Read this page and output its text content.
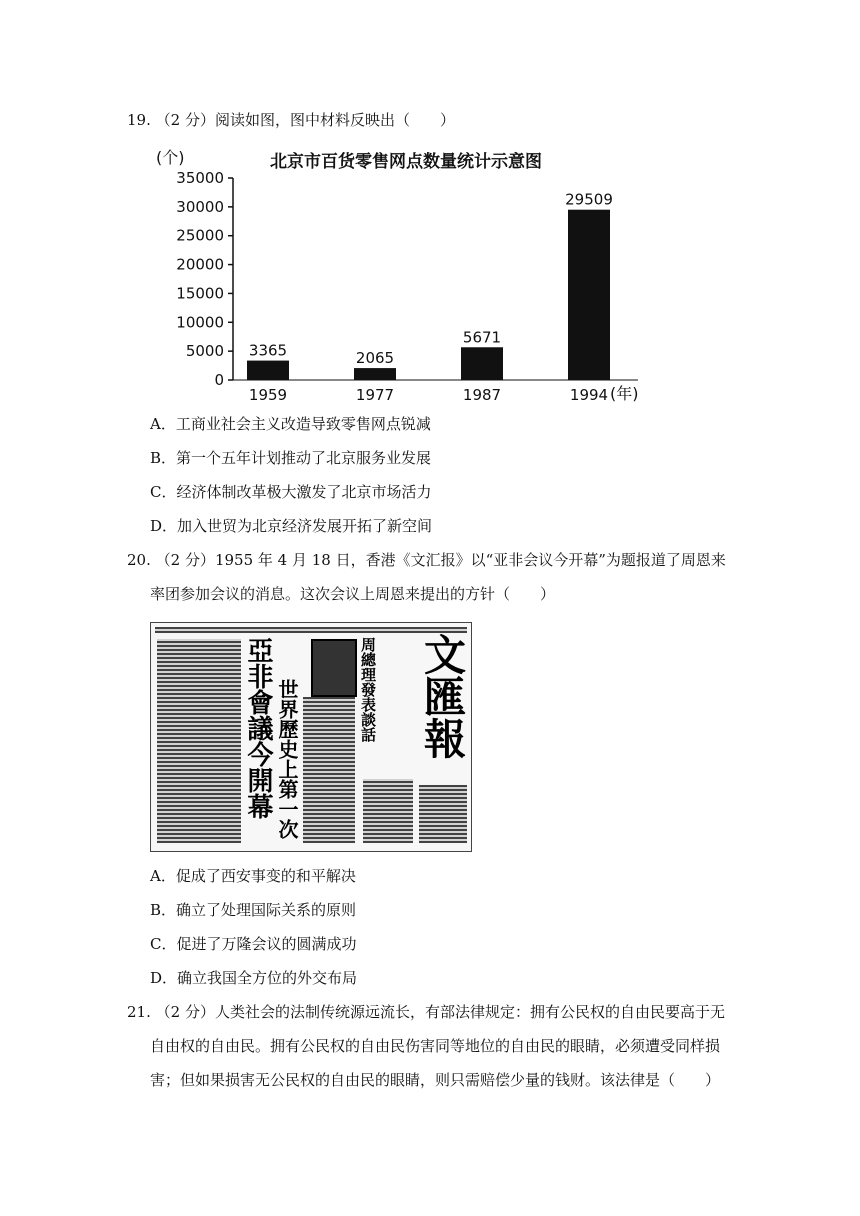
19. （2 分）阅读如图，图中材料反映出（　　）
北京市百货零售网点数量统计示意图
(个)
0
5000
10000
15000
20000
25000
30000
35000
3365
1959
2065
1977
5671
1987
29509
1994 (年)
A．工商业社会主义改造导致零售网点锐减
B．第一个五年计划推动了北京服务业发展
C．经济体制改革极大激发了北京市场活力
D．加入世贸为北京经济发展开拓了新空间
20. （2 分）1955 年 4 月 18 日，香港《文汇报》以“亚非会议今开幕”为题报道了周恩来
率团参加会议的消息。这次会议上周恩来提出的方针（　　）
亞非會議今開幕 世界歷史上第一次	周總理發表談話 文匯報
A．促成了西安事变的和平解决
B．确立了处理国际关系的原则
C．促进了万隆会议的圆满成功
D．确立我国全方位的外交布局
21. （2 分）人类社会的法制传统源远流长，有部法律规定：拥有公民权的自由民要高于无
自由权的自由民。拥有公民权的自由民伤害同等地位的自由民的眼睛，必须遭受同样损
害；但如果损害无公民权的自由民的眼睛，则只需赔偿少量的钱财。该法律是（　　）
